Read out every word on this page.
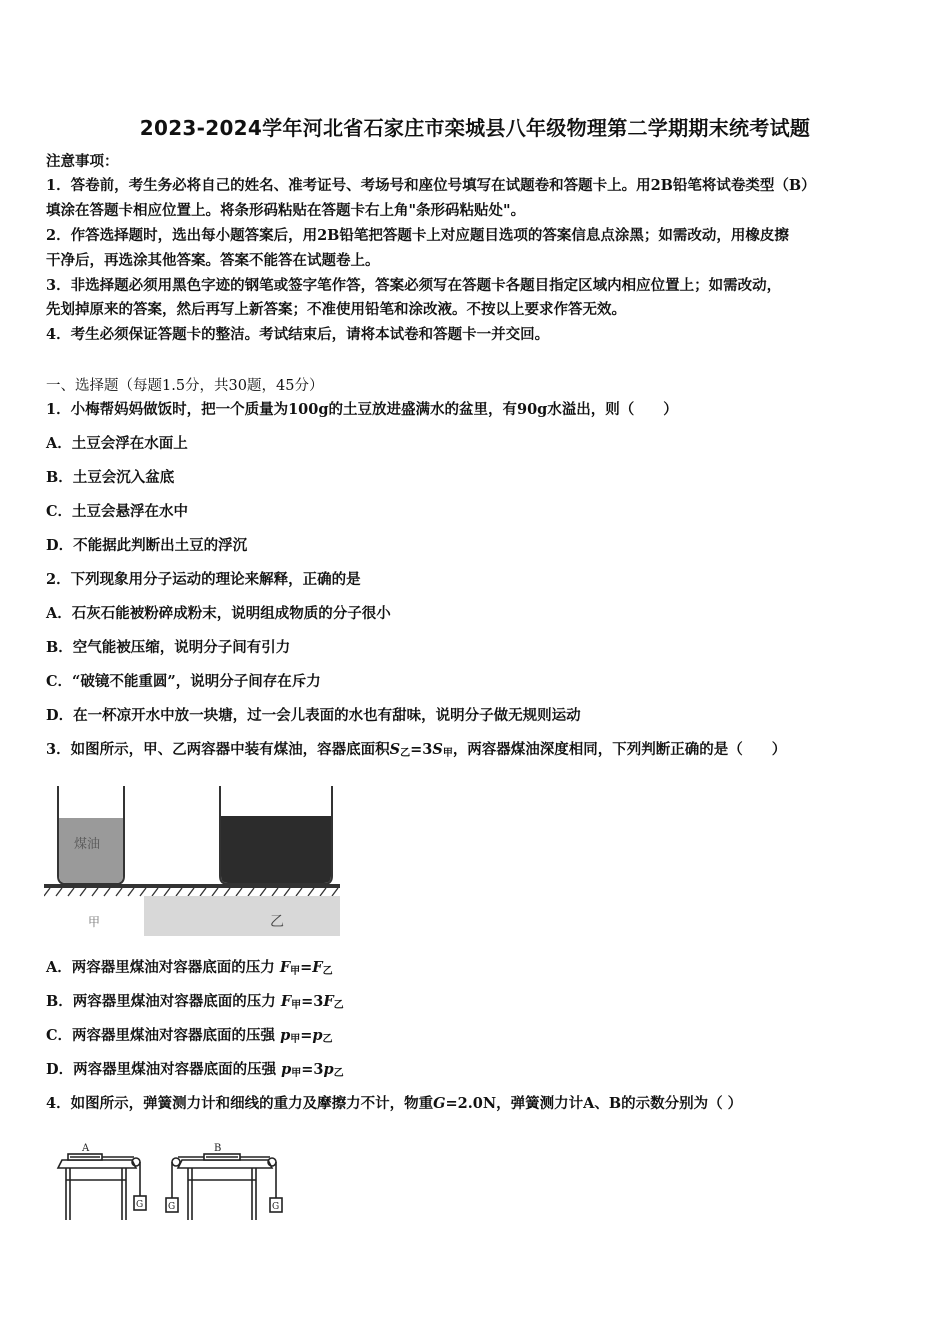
2023-2024学年河北省石家庄市栾城县八年级物理第二学期期末统考试题
注意事项：
1．答卷前，考生务必将自己的姓名、准考证号、考场号和座位号填写在试题卷和答题卡上。用2B铅笔将试卷类型（B）
填涂在答题卡相应位置上。将条形码粘贴在答题卡右上角"条形码粘贴处"。
2．作答选择题时，选出每小题答案后，用2B铅笔把答题卡上对应题目选项的答案信息点涂黑；如需改动，用橡皮擦
干净后，再选涂其他答案。答案不能答在试题卷上。
3．非选择题必须用黑色字迹的钢笔或签字笔作答，答案必须写在答题卡各题目指定区域内相应位置上；如需改动，
先划掉原来的答案，然后再写上新答案；不准使用铅笔和涂改液。不按以上要求作答无效。
4．考生必须保证答题卡的整洁。考试结束后，请将本试卷和答题卡一并交回。
一、选择题（每题1.5分，共30题，45分）
1．小梅帮妈妈做饭时，把一个质量为100g的土豆放进盛满水的盆里，有90g水溢出，则（　　）
A．土豆会浮在水面上
B．土豆会沉入盆底
C．土豆会悬浮在水中
D．不能据此判断出土豆的浮沉
2．下列现象用分子运动的理论来解释，正确的是
A．石灰石能被粉碎成粉末，说明组成物质的分子很小
B．空气能被压缩，说明分子间有引力
C．“破镜不能重圆”，说明分子间存在斥力
D．在一杯凉开水中放一块塘，过一会儿表面的水也有甜味，说明分子做无规则运动
3．如图所示，甲、乙两容器中装有煤油，容器底面积$S_乙=3S_甲$，两容器煤油深度相同，下列判断正确的是（　　）
煤油
甲	乙
A．两容器里煤油对容器底面的压力 $F_甲=F_乙$
B．两容器里煤油对容器底面的压力 $F_甲=3F_乙$
C．两容器里煤油对容器底面的压强 $p_甲=p_乙$
D．两容器里煤油对容器底面的压强 $p_甲=3p_乙$
4．如图所示，弹簧测力计和细线的重力及摩擦力不计，物重G=2.0N，弹簧测力计A、B的示数分别为（ ）
A	B
G	G	G
